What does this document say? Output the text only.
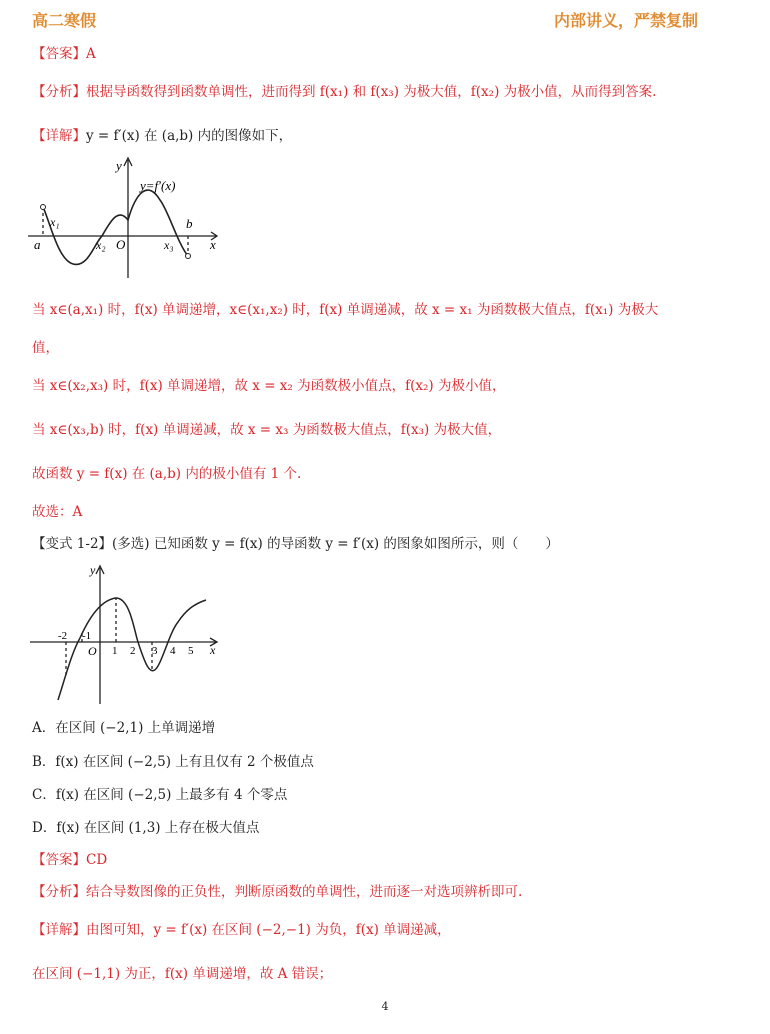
高二寒假	内部讲义，严禁复制
【答案】A
【分析】根据导函数得到函数单调性，进而得到 f(x₁) 和 f(x₃) 为极大值，f(x₂) 为极小值，从而得到答案.
【详解】y = f′(x) 在 (a,b) 内的图像如下，
y
y=f′(x)
x
a
x₁
x₂ O	x₃
b
当 x∈(a,x₁) 时，f(x) 单调递增，x∈(x₁,x₂) 时，f(x) 单调递减，故 x = x₁ 为函数极大值点，f(x₁) 为极大
值，
当 x∈(x₂,x₃) 时，f(x) 单调递增，故 x = x₂ 为函数极小值点，f(x₂) 为极小值，
当 x∈(x₃,b) 时，f(x) 单调递减，故 x = x₃ 为函数极大值点，f(x₃) 为极大值，
故函数 y = f(x) 在 (a,b) 内的极小值有 1 个.
故选：A
【变式 1-2】(多选) 已知函数 y = f(x) 的导函数 y = f′(x) 的图象如图所示，则（　　）
y
x
O
-2 -1
1 2 3 4 5
A．在区间 (−2,1) 上单调递增
B．f(x) 在区间 (−2,5) 上有且仅有 2 个极值点
C．f(x) 在区间 (−2,5) 上最多有 4 个零点
D．f(x) 在区间 (1,3) 上存在极大值点
【答案】CD
【分析】结合导数图像的正负性，判断原函数的单调性，进而逐一对选项辨析即可.
【详解】由图可知，y = f′(x) 在区间 (−2,−1) 为负，f(x) 单调递减，
在区间 (−1,1) 为正，f(x) 单调递增，故 A 错误；
4
